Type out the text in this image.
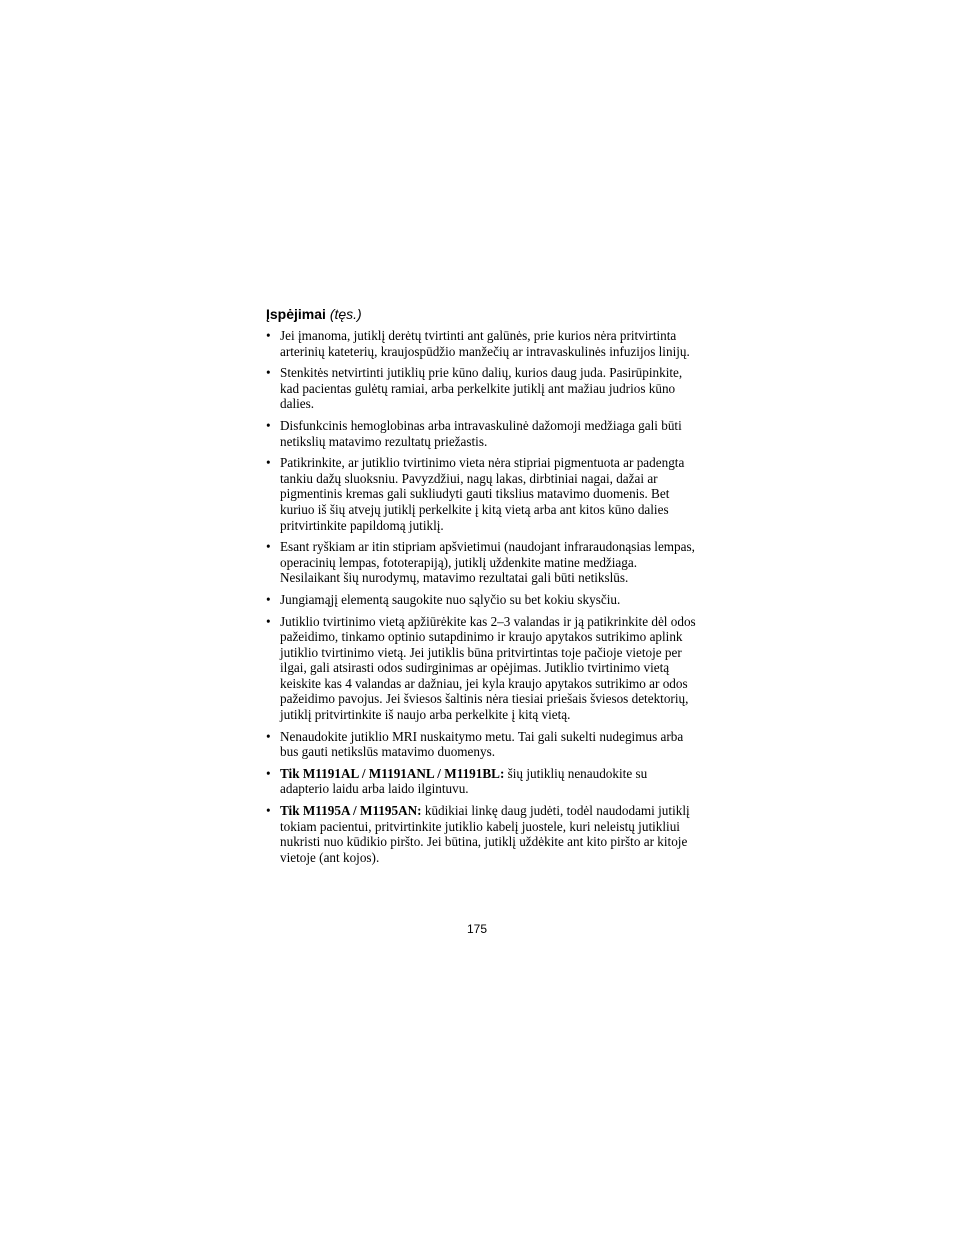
Įspėjimai (tęs.)
• Jei įmanoma, jutiklį derėtų tvirtinti ant galūnės, prie kurios nėra pritvirtinta arterinių kateterių, kraujospūdžio manžečių ar intravaskulinės infuzijos linijų.
• Stenkitės netvirtinti jutiklių prie kūno dalių, kurios daug juda. Pasirūpinkite, kad pacientas gulėtų ramiai, arba perkelkite jutiklį ant mažiau judrios kūno dalies.
• Disfunkcinis hemoglobinas arba intravaskulinė dažomoji medžiaga gali būti netikslių matavimo rezultatų priežastis.
• Patikrinkite, ar jutiklio tvirtinimo vieta nėra stipriai pigmentuota ar padengta tankiu dažų sluoksniu. Pavyzdžiui, nagų lakas, dirbtiniai nagai, dažai ar pigmentinis kremas gali sukliudyti gauti tikslius matavimo duomenis. Bet kuriuo iš šių atvejų jutiklį perkelkite į kitą vietą arba ant kitos kūno dalies pritvirtinkite papildomą jutiklį.
• Esant ryškiam ar itin stipriam apšvietimui (naudojant infraraudonąsias lempas, operacinių lempas, fototerapiją), jutiklį uždenkite matine medžiaga. Nesilaikant šių nurodymų, matavimo rezultatai gali būti netikslūs.
• Jungiamąjį elementą saugokite nuo sąlyčio su bet kokiu skysčiu.
• Jutiklio tvirtinimo vietą apžiūrėkite kas 2–3 valandas ir ją patikrinkite dėl odos pažeidimo, tinkamo optinio sutapdinimo ir kraujo apytakos sutrikimo aplink jutiklio tvirtinimo vietą. Jei jutiklis būna pritvirtintas toje pačioje vietoje per ilgai, gali atsirasti odos sudirginimas ar opėjimas. Jutiklio tvirtinimo vietą keiskite kas 4 valandas ar dažniau, jei kyla kraujo apytakos sutrikimo ar odos pažeidimo pavojus. Jei šviesos šaltinis nėra tiesiai priešais šviesos detektorių, jutiklį pritvirtinkite iš naujo arba perkelkite į kitą vietą.
• Nenaudokite jutiklio MRI nuskaitymo metu. Tai gali sukelti nudegimus arba bus gauti netikslūs matavimo duomenys.
• Tik M1191AL / M1191ANL / M1191BL: šių jutiklių nenaudokite su adapterio laidu arba laido ilgintuvu.
• Tik M1195A / M1195AN: kūdikiai linkę daug judėti, todėl naudodami jutiklį tokiam pacientui, pritvirtinkite jutiklio kabelį juostele, kuri neleistų jutikliui nukristi nuo kūdikio piršto. Jei būtina, jutiklį uždėkite ant kito piršto ar kitoje vietoje (ant kojos).
175
